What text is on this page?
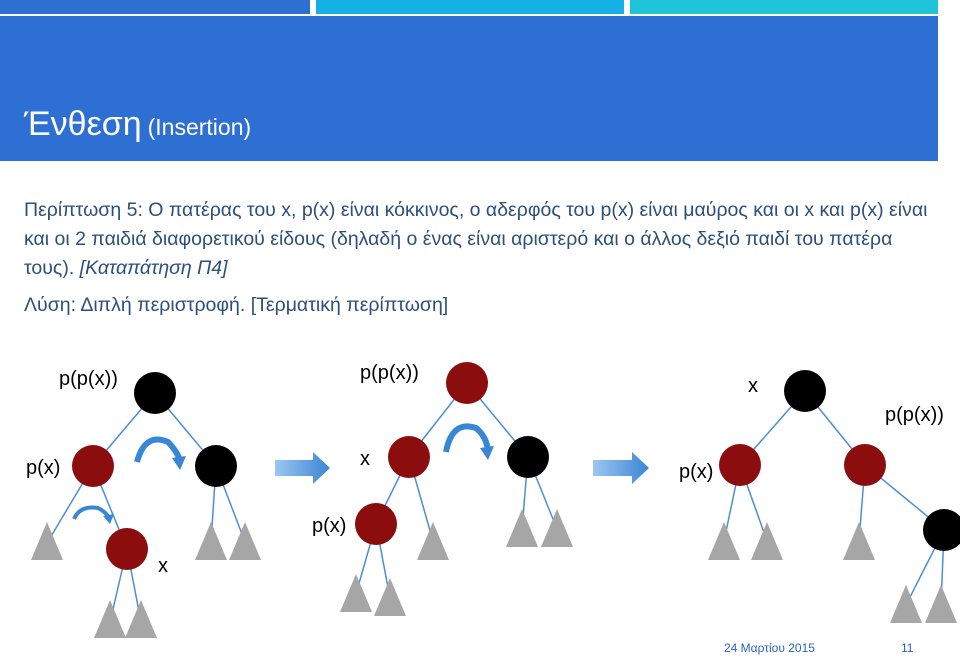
Ένθεση (Insertion)
Περίπτωση 5: Ο πατέρας του x, p(x) είναι κόκκινος, ο αδερφός του p(x) είναι μαύρος και οι x και p(x) είναι και οι 2 παιδιά διαφορετικού είδους (δηλαδή ο ένας είναι αριστερό και ο άλλος δεξιό παιδί του πατέρα τους). [Καταπάτηση Π4]
Λύση: Διπλή περιστροφή. [Τερματική περίπτωση]
p(p(x))
p(x)
x
p(p(x))
x
p(x)
x
p(p(x))
p(x)
24 Μαρτίου 2015	11
